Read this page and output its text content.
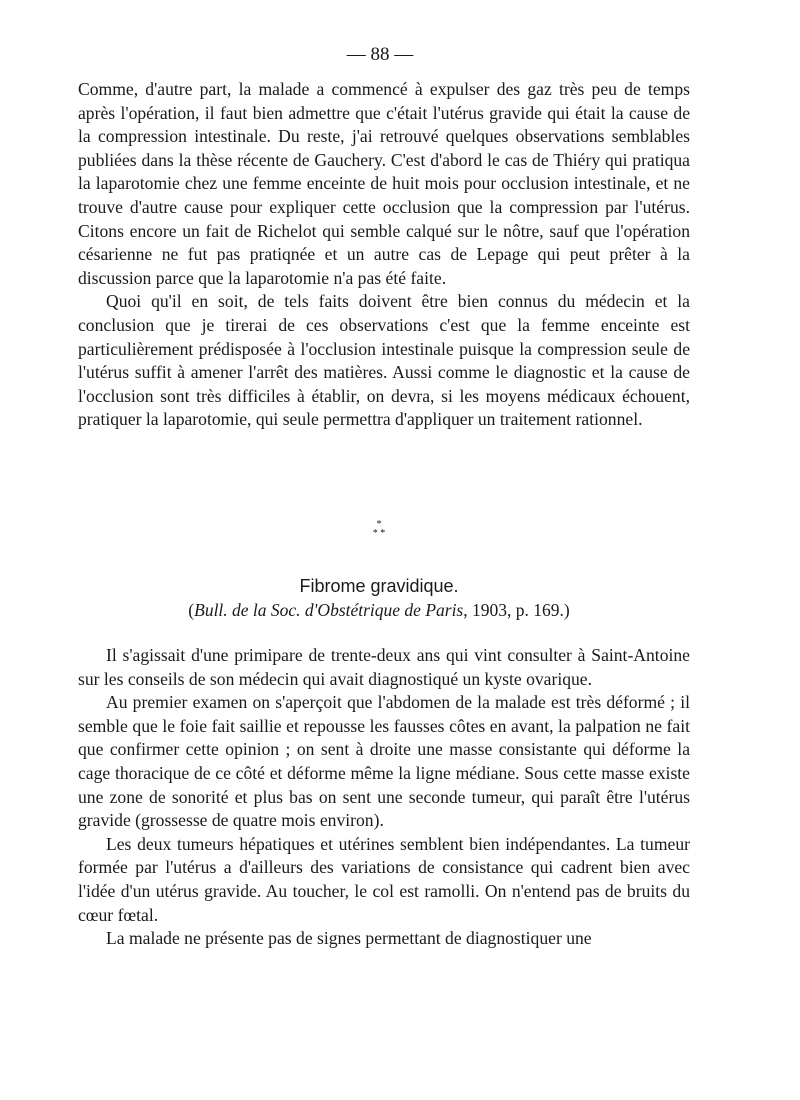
— 88 —

Comme, d'autre part, la malade a commencé à expulser des gaz très peu de temps après l'opération, il faut bien admettre que c'était l'utérus gravide qui était la cause de la compression intestinale. Du reste, j'ai retrouvé quelques observations semblables publiées dans la thèse récente de Gauchery. C'est d'abord le cas de Thiéry qui pratiqua la laparotomie chez une femme enceinte de huit mois pour occlusion intestinale, et ne trouve d'autre cause pour expliquer cette occlusion que la compression par l'utérus. Citons encore un fait de Richelot qui semble calqué sur le nôtre, sauf que l'opération césarienne ne fut pas pratiqnée et un autre cas de Lepage qui peut prêter à la discussion parce que la laparotomie n'a pas été faite.

Quoi qu'il en soit, de tels faits doivent être bien connus du médecin et la conclusion que je tirerai de ces observations c'est que la femme enceinte est particulièrement prédisposée à l'occlusion intestinale puisque la compression seule de l'utérus suffit à amener l'arrêt des matières. Aussi comme le diagnostic et la cause de l'occlusion sont très difficiles à établir, on devra, si les moyens médicaux échouent, pratiquer la laparotomie, qui seule permettra d'appliquer un traitement rationnel.

*
* *
Fibrome gravidique.
(Bull. de la Soc. d'Obstétrique de Paris, 1903, p. 169.)

Il s'agissait d'une primipare de trente-deux ans qui vint consulter à Saint-Antoine sur les conseils de son médecin qui avait diagnostiqué un kyste ovarique.

Au premier examen on s'aperçoit que l'abdomen de la malade est très déformé ; il semble que le foie fait saillie et repousse les fausses côtes en avant, la palpation ne fait que confirmer cette opinion ; on sent à droite une masse consistante qui déforme la cage thoracique de ce côté et déforme même la ligne médiane. Sous cette masse existe une zone de sonorité et plus bas on sent une seconde tumeur, qui paraît être l'utérus gravide (grossesse de quatre mois environ).

Les deux tumeurs hépatiques et utérines semblent bien indépendantes. La tumeur formée par l'utérus a d'ailleurs des variations de consistance qui cadrent bien avec l'idée d'un utérus gravide. Au toucher, le col est ramolli. On n'entend pas de bruits du cœur fœtal.

La malade ne présente pas de signes permettant de diagnostiquer une
